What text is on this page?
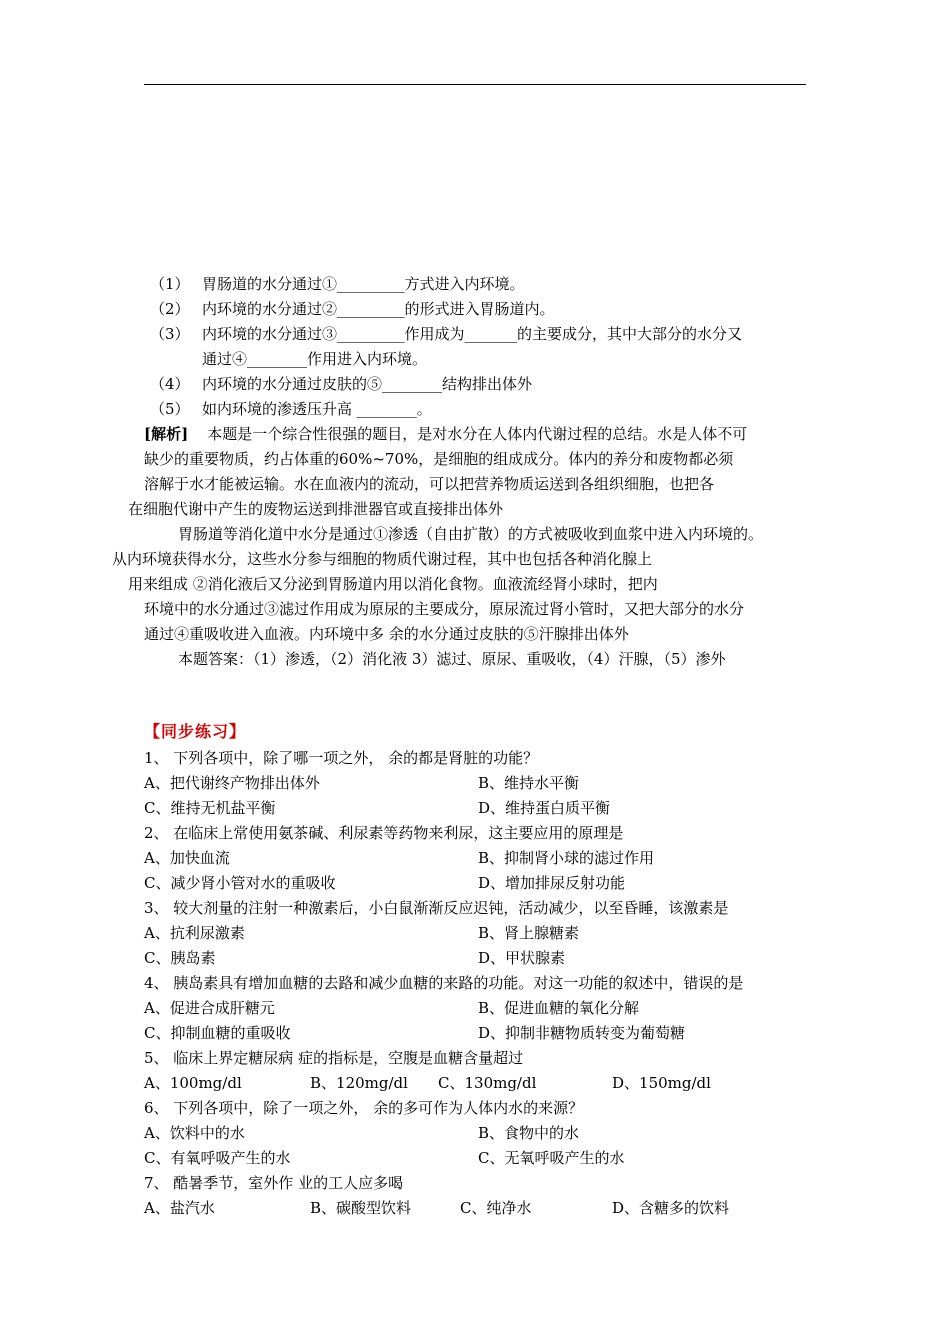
（1） 胃肠道的水分通过①_________方式进入内环境。
（2） 内环境的水分通过②_________的形式进入胃肠道内。
（3） 内环境的水分通过③_________作用成为_______的主要成分，其中大部分的水分又
通过④________作用进入内环境。
（4） 内环境的水分通过皮肤的⑤________结构排出体外
（5） 如内环境的渗透压升高 ________。
[解析] 本题是一个综合性很强的题目，是对水分在人体内代谢过程的总结。水是人体不可
缺少的重要物质，约占体重的60%~70%，是细胞的组成成分。体内的养分和废物都必须
溶解于水才能被运输。水在血液内的流动，可以把营养物质运送到各组织细胞，也把各
在细胞代谢中产生的废物运送到排泄器官或直接排出体外
胃肠道等消化道中水分是通过①渗透（自由扩散）的方式被吸收到血浆中进入内环境的。
从内环境获得水分，这些水分参与细胞的物质代谢过程，其中也包括各种消化腺上
用来组成 ②消化液后又分泌到胃肠道内用以消化食物。血液流经肾小球时，把内
环境中的水分通过③滤过作用成为原尿的主要成分，原尿流过肾小管时，又把大部分的水分
通过④重吸收进入血液。内环境中多 余的水分通过皮肤的⑤汗腺排出体外
本题答案：（1）渗透，（2）消化液 3）滤过、原尿、重吸收，（4）汗腺，（5）渗外
【同步练习】
1、 下列各项中，除了哪一项之外， 余的都是肾脏的功能？
A、把代谢终产物排出体外	B、维持水平衡
C、维持无机盐平衡	D、维持蛋白质平衡
2、 在临床上常使用氨茶碱、利尿素等药物来利尿，这主要应用的原理是
A、加快血流	B、抑制肾小球的滤过作用
C、减少肾小管对水的重吸收	D、增加排尿反射功能
3、 较大剂量的注射一种激素后，小白鼠渐渐反应迟钝，活动减少，以至昏睡，该激素是
A、抗利尿激素	B、肾上腺糖素
C、胰岛素	D、甲状腺素
4、 胰岛素具有增加血糖的去路和减少血糖的来路的功能。对这一功能的叙述中，错误的是
A、促进合成肝糖元	B、促进血糖的氧化分解
C、抑制血糖的重吸收	D、抑制非糖物质转变为葡萄糖
5、 临床上界定糖尿病 症的指标是，空腹是血糖含量超过
A、100mg/dl	B、120mg/dl C、130mg/dl	D、150mg/dl
6、 下列各项中，除了一项之外， 余的多可作为人体内水的来源？
A、饮料中的水	B、食物中的水
C、有氧呼吸产生的水	C、无氧呼吸产生的水
7、 酷暑季节，室外作 业的工人应多喝
A、盐汽水	B、碳酸型饮料	C、纯净水	D、含糖多的饮料
